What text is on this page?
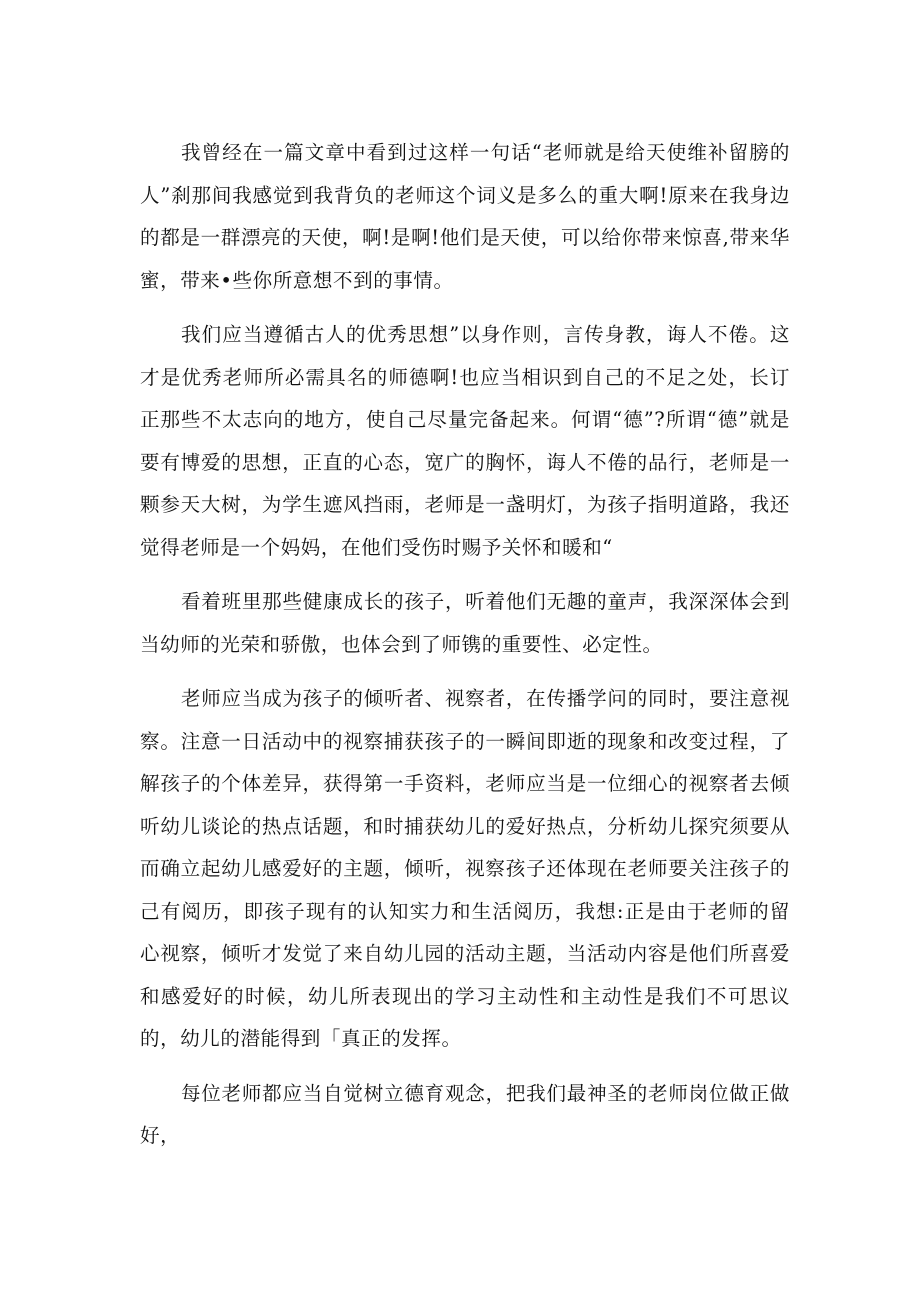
我曾经在一篇文章中看到过这样一句话“老师就是给天使维补留膀的人”刹那间我感觉到我背负的老师这个词义是多么的重大啊!原来在我身边的都是一群漂亮的天使，啊!是啊!他们是天使，可以给你带来惊喜,带来华蜜，带来•些你所意想不到的事情。

我们应当遵循古人的优秀思想”以身作则，言传身教，诲人不倦。这才是优秀老师所必需具名的师德啊!也应当相识到自己的不足之处，长订正那些不太志向的地方，使自己尽量完备起来。何谓“德”?所谓“德”就是要有博爱的思想，正直的心态，宽广的胸怀，诲人不倦的品行，老师是一颗参天大树，为学生遮风挡雨，老师是一盏明灯，为孩子指明道路，我还觉得老师是一个妈妈，在他们受伤时赐予关怀和暖和“

看着班里那些健康成长的孩子，听着他们无趣的童声，我深深体会到当幼师的光荣和骄傲，也体会到了师镌的重要性、必定性。

老师应当成为孩子的倾听者、视察者，在传播学问的同时，要注意视察。注意一日活动中的视察捕获孩子的一瞬间即逝的现象和改变过程，了解孩子的个体差异，获得第一手资料，老师应当是一位细心的视察者去倾听幼儿谈论的热点话题，和时捕获幼儿的爱好热点，分析幼儿探究须要从而确立起幼儿感爱好的主题，倾听，视察孩子还体现在老师要关注孩子的己有阅历，即孩子现有的认知实力和生活阅历，我想:正是由于老师的留心视察，倾听才发觉了来自幼儿园的活动主题，当活动内容是他们所喜爱和感爱好的时候，幼儿所表现出的学习主动性和主动性是我们不可思议的，幼儿的潜能得到「真正的发挥。

每位老师都应当自觉树立德育观念，把我们最神圣的老师岗位做正做好，
